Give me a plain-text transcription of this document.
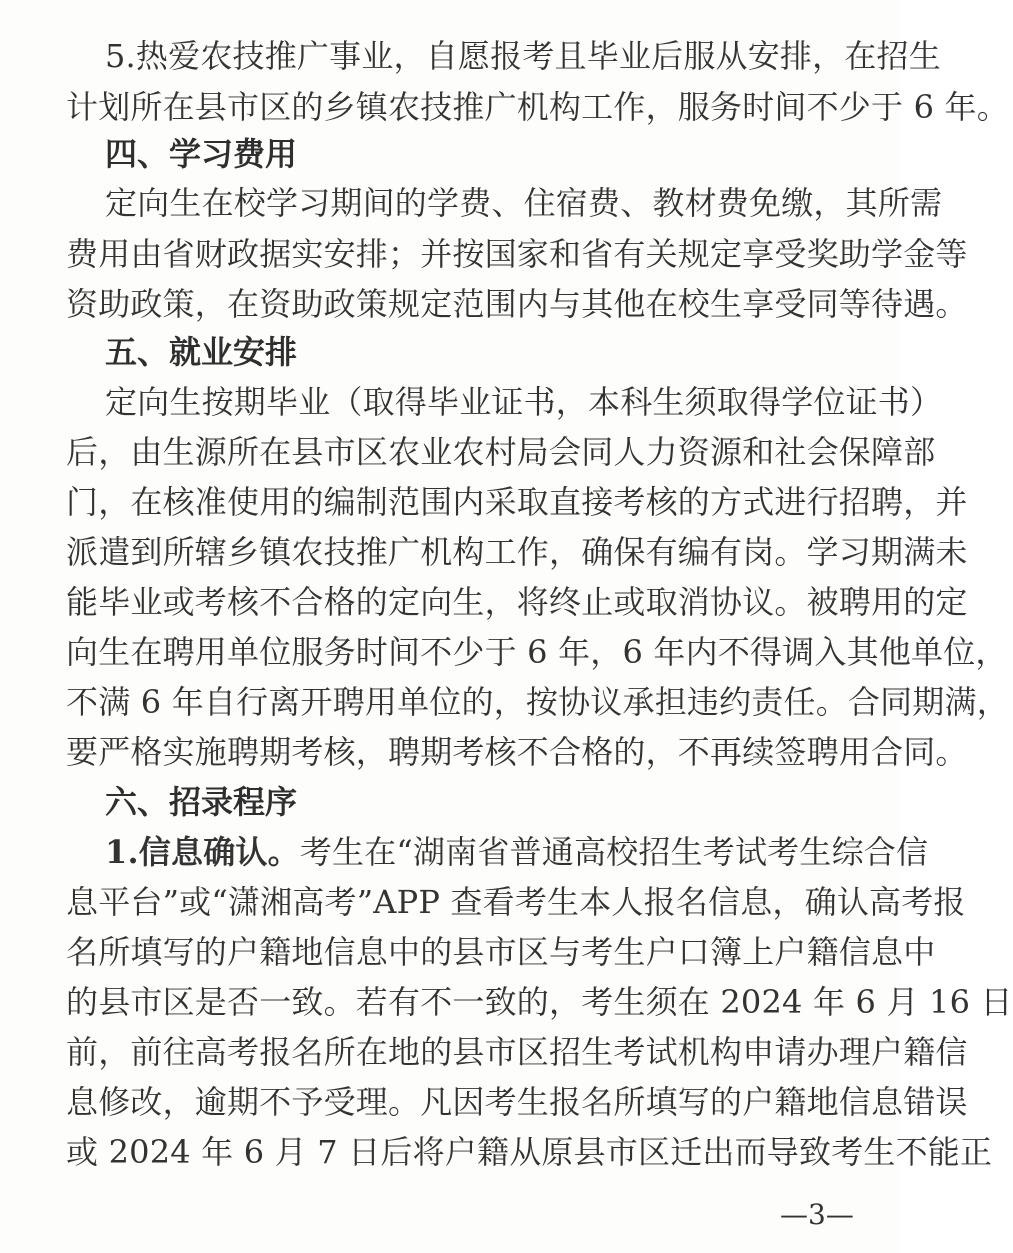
5.热爱农技推广事业，自愿报考且毕业后服从安排，在招生
计划所在县市区的乡镇农技推广机构工作，服务时间不少于 6 年。
四、学习费用
定向生在校学习期间的学费、住宿费、教材费免缴，其所需
费用由省财政据实安排；并按国家和省有关规定享受奖助学金等
资助政策，在资助政策规定范围内与其他在校生享受同等待遇。
五、就业安排
定向生按期毕业（取得毕业证书，本科生须取得学位证书）
后，由生源所在县市区农业农村局会同人力资源和社会保障部
门，在核准使用的编制范围内采取直接考核的方式进行招聘，并
派遣到所辖乡镇农技推广机构工作，确保有编有岗。学习期满未
能毕业或考核不合格的定向生，将终止或取消协议。被聘用的定
向生在聘用单位服务时间不少于 6 年，6 年内不得调入其他单位，
不满 6 年自行离开聘用单位的，按协议承担违约责任。合同期满，
要严格实施聘期考核，聘期考核不合格的，不再续签聘用合同。
六、招录程序
1.信息确认。考生在“湖南省普通高校招生考试考生综合信
息平台”或“潇湘高考”APP 查看考生本人报名信息，确认高考报
名所填写的户籍地信息中的县市区与考生户口簿上户籍信息中
的县市区是否一致。若有不一致的，考生须在 2024 年 6 月 16 日
前，前往高考报名所在地的县市区招生考试机构申请办理户籍信
息修改，逾期不予受理。凡因考生报名所填写的户籍地信息错误
或 2024 年 6 月 7 日后将户籍从原县市区迁出而导致考生不能正
—3—
